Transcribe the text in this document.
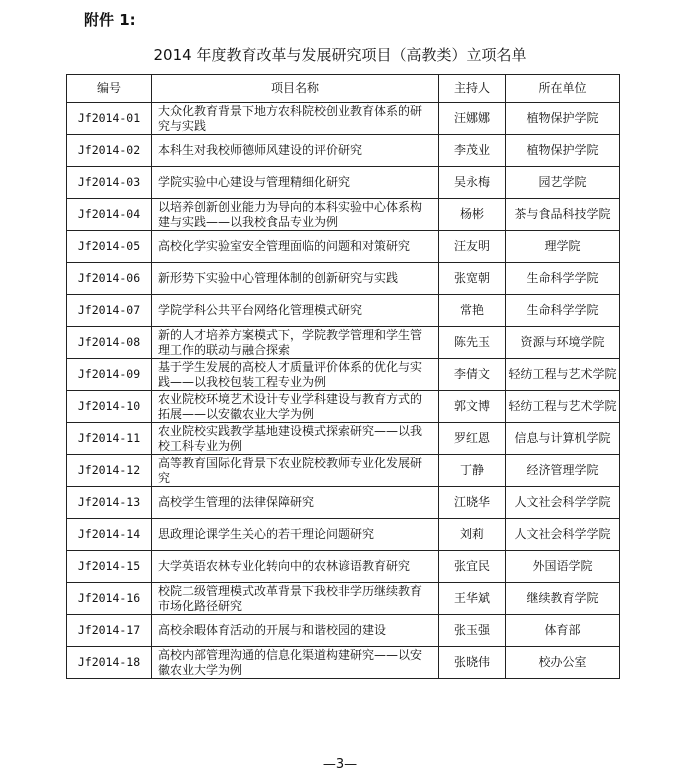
附件 1:
2014 年度教育改革与发展研究项目（高教类）立项名单
编号	项目名称	主持人	所在单位
Jf2014-01	大众化教育背景下地方农科院校创业教育体系的研究与实践	汪娜娜	植物保护学院
Jf2014-02	本科生对我校师德师风建设的评价研究	李茂业	植物保护学院
Jf2014-03	学院实验中心建设与管理精细化研究	吴永梅	园艺学院
Jf2014-04	以培养创新创业能力为导向的本科实验中心体系构建与实践——以我校食品专业为例	杨彬	茶与食品科技学院
Jf2014-05	高校化学实验室安全管理面临的问题和对策研究	汪友明	理学院
Jf2014-06	新形势下实验中心管理体制的创新研究与实践	张宽朝	生命科学学院
Jf2014-07	学院学科公共平台网络化管理模式研究	常艳	生命科学学院
Jf2014-08	新的人才培养方案模式下，学院教学管理和学生管理工作的联动与融合探索	陈先玉	资源与环境学院
Jf2014-09	基于学生发展的高校人才质量评价体系的优化与实践——以我校包装工程专业为例	李倩文	轻纺工程与艺术学院
Jf2014-10	农业院校环境艺术设计专业学科建设与教育方式的拓展——以安徽农业大学为例	郭文博	轻纺工程与艺术学院
Jf2014-11	农业院校实践教学基地建设模式探索研究——以我校工科专业为例	罗红恩	信息与计算机学院
Jf2014-12	高等教育国际化背景下农业院校教师专业化发展研究	丁静	经济管理学院
Jf2014-13	高校学生管理的法律保障研究	江晓华	人文社会科学学院
Jf2014-14	思政理论课学生关心的若干理论问题研究	刘莉	人文社会科学学院
Jf2014-15	大学英语农林专业化转向中的农林谚语教育研究	张宜民	外国语学院
Jf2014-16	校院二级管理模式改革背景下我校非学历继续教育市场化路径研究	王华斌	继续教育学院
Jf2014-17	高校余暇体育活动的开展与和谐校园的建设	张玉强	体育部
Jf2014-18	高校内部管理沟通的信息化渠道构建研究——以安徽农业大学为例	张晓伟	校办公室
—3—
